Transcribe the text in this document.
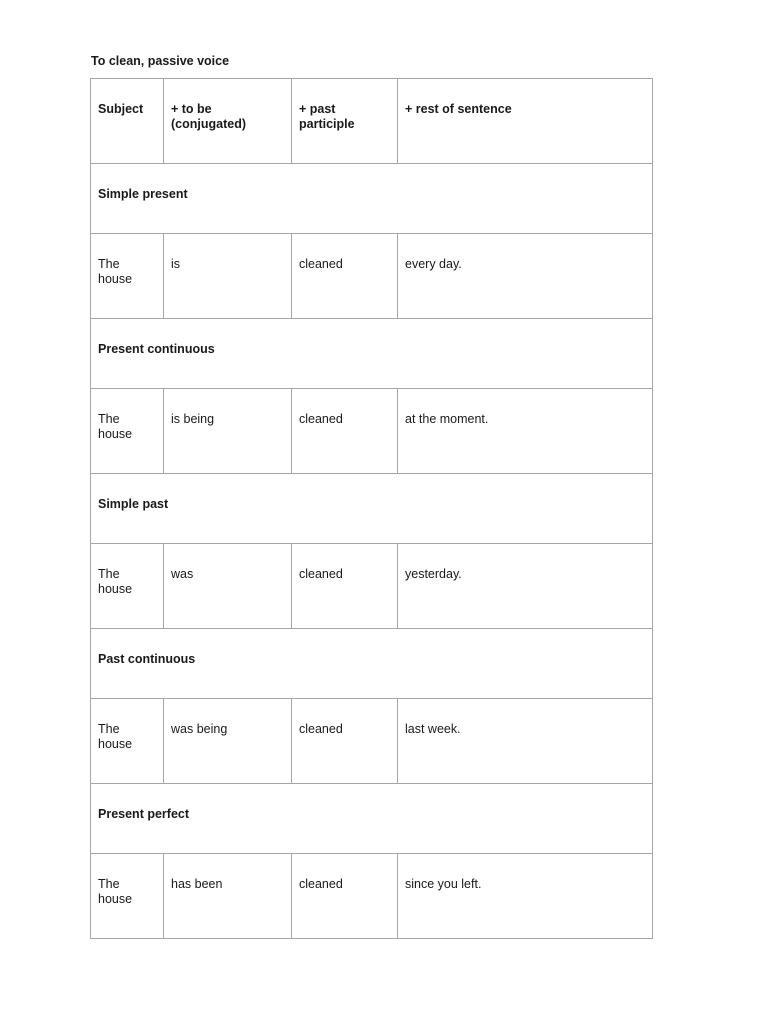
To clean, passive voice
Subject	+ to be (conjugated)	+ past participle	+ rest of sentence
Simple present			
The house	is	cleaned	every day.
Present continuous			
The house	is being	cleaned	at the moment.
Simple past			
The house	was	cleaned	yesterday.
Past continuous			
The house	was being	cleaned	last week.
Present perfect			
The house	has been	cleaned	since you left.
